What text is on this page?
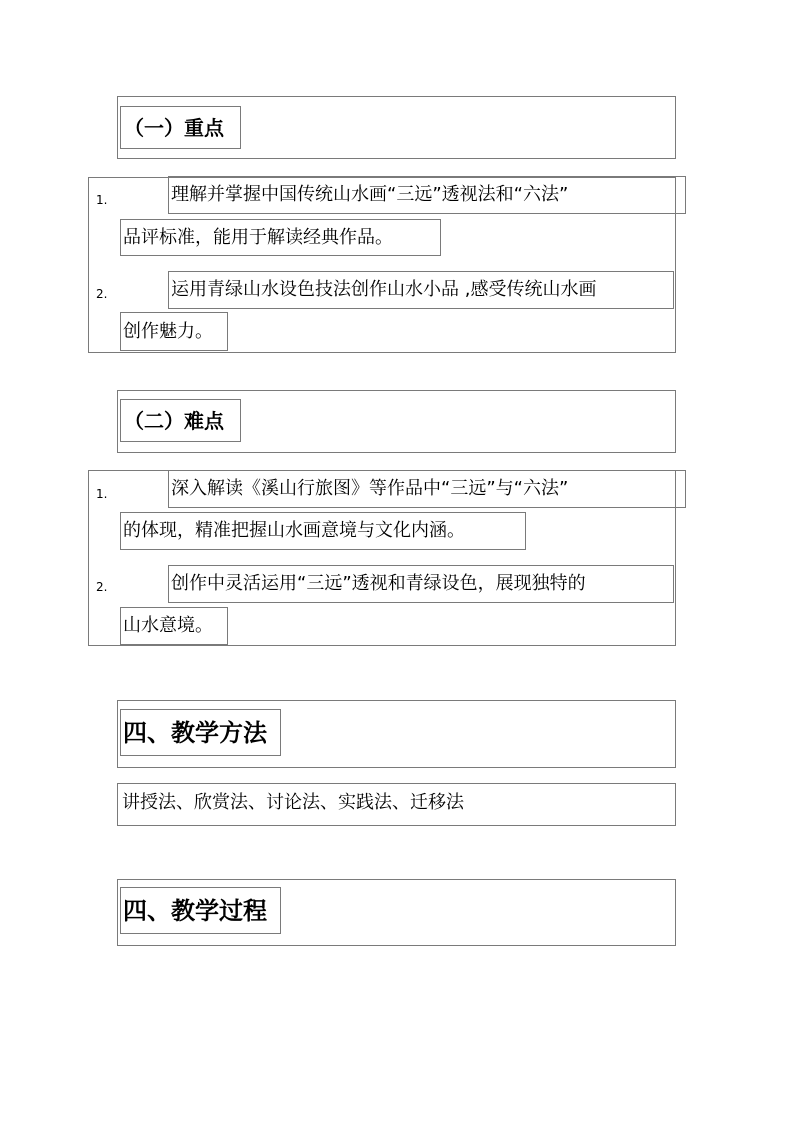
（一）重点
1.	理解并掌握中国传统山水画“三远”透视法和“六法”
品评标准，能用于解读经典作品。
2.	运用青绿山水设色技法创作山水小品 ,感受传统山水画
创作魅力。
（二）难点
1.	深入解读《溪山行旅图》等作品中“三远”与“六法”
的体现，精准把握山水画意境与文化内涵。
2.	创作中灵活运用“三远”透视和青绿设色，展现独特的
山水意境。
四、教学方法
讲授法、欣赏法、讨论法、实践法、迁移法
四、教学过程
